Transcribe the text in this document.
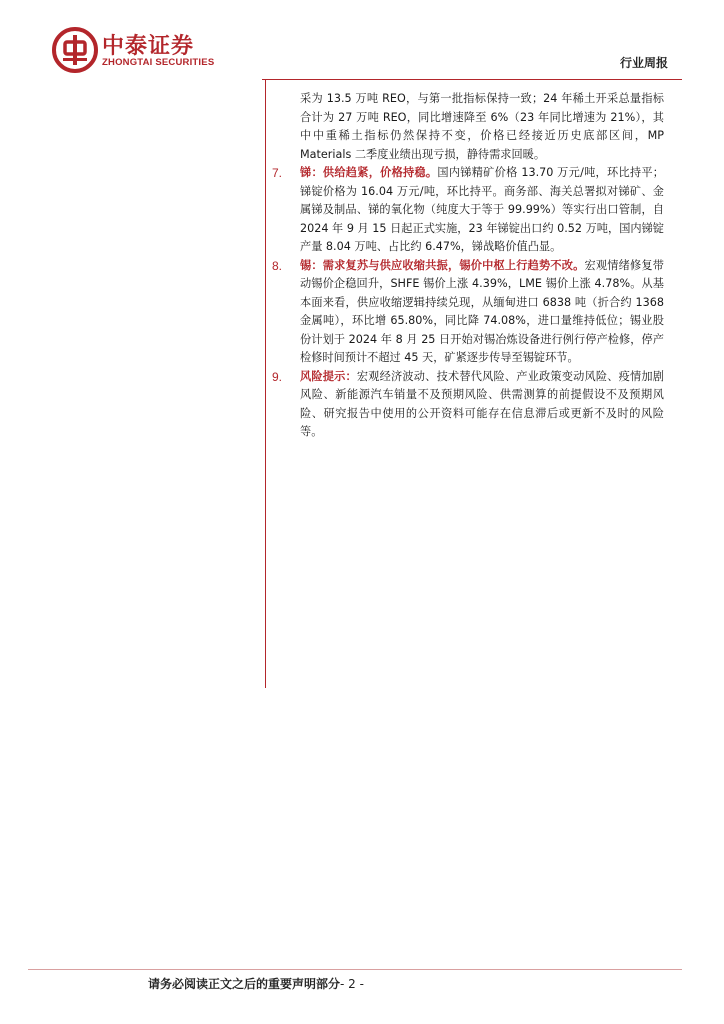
中泰证券
ZHONGTAI SECURITIES	行业周报

采为 13.5 万吨 REO，与第一批指标保持一致；24 年稀土开采总量指标合计为 27 万吨 REO，同比增速降至 6%（23 年同比增速为 21%），其中中重稀土指标仍然保持不变，价格已经接近历史底部区间，MP Materials 二季度业绩出现亏损，静待需求回暖。

7. 锑：供给趋紧，价格持稳。国内锑精矿价格 13.70 万元/吨，环比持平；锑锭价格为 16.04 万元/吨，环比持平。商务部、海关总署拟对锑矿、金属锑及制品、锑的氧化物（纯度大于等于 99.99%）等实行出口管制，自 2024 年 9 月 15 日起正式实施，23 年锑锭出口约 0.52 万吨，国内锑锭产量 8.04 万吨、占比约 6.47%，锑战略价值凸显。

8. 锡：需求复苏与供应收缩共振，锡价中枢上行趋势不改。宏观情绪修复带动锡价企稳回升，SHFE 锡价上涨 4.39%，LME 锡价上涨 4.78%。从基本面来看，供应收缩逻辑持续兑现，从缅甸进口 6838 吨（折合约 1368 金属吨），环比增 65.80%，同比降 74.08%，进口量维持低位；锡业股份计划于 2024 年 8 月 25 日开始对锡冶炼设备进行例行停产检修，停产检修时间预计不超过 45 天，矿紧逐步传导至锡锭环节。

9. 风险提示：宏观经济波动、技术替代风险、产业政策变动风险、疫情加剧风险、新能源汽车销量不及预期风险、供需测算的前提假设不及预期风险、研究报告中使用的公开资料可能存在信息滞后或更新不及时的风险等。

请务必阅读正文之后的重要声明部分- 2 -
